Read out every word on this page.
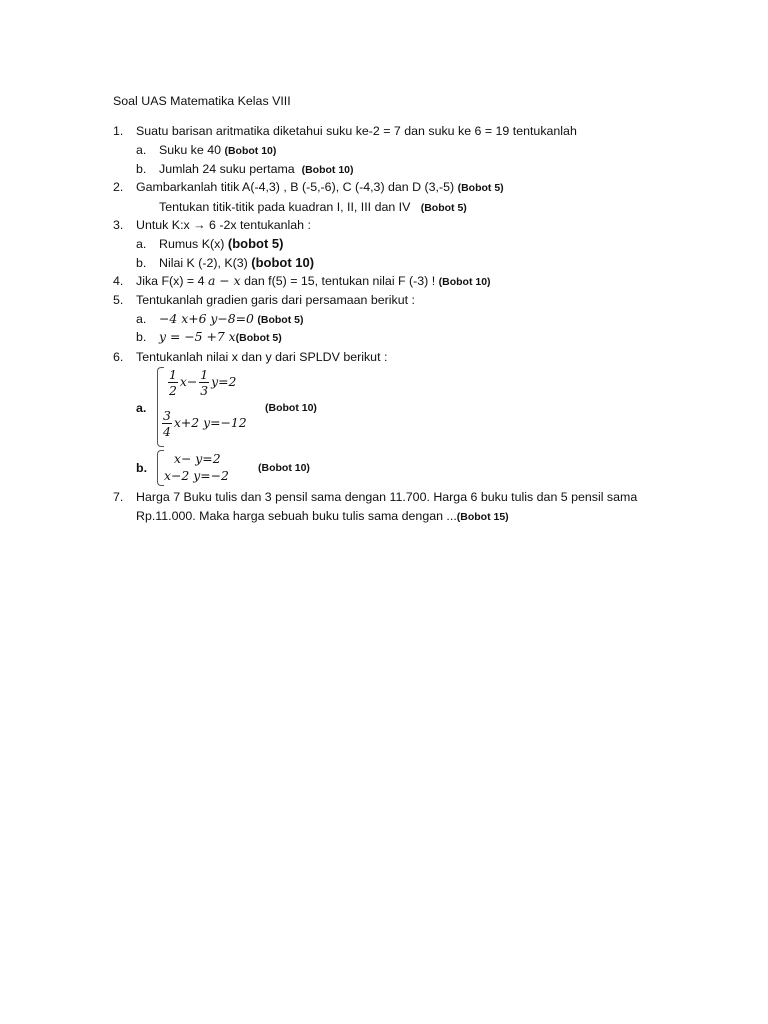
Soal UAS Matematika Kelas VIII
1. Suatu barisan aritmatika diketahui suku ke-2 = 7 dan suku ke 6 = 19 tentukanlah
a. Suku ke 40 (Bobot 10)
b. Jumlah 24 suku pertama (Bobot 10)
2. Gambarkanlah titik A(-4,3) , B (-5,-6), C (-4,3) dan D (3,-5) (Bobot 5)
Tentukan titik-titik pada kuadran I, II, III dan IV (Bobot 5)
3. Untuk K:x → 6 -2x tentukanlah :
a. Rumus K(x) (bobot 5)
b. Nilai K (-2), K(3) (bobot 10)
4. Jika F(x) = 4 a − x dan f(5) = 15, tentukan nilai F (-3) ! (Bobot 10)
5. Tentukanlah gradien garis dari persamaan berikut :
a. −4 x+6 y−8=0 (Bobot 5)
b. y = −5 +7 x(Bobot 5)
6. Tentukanlah nilai x dan y dari SPLDV berikut :
a.
$\frac{1}{2} x- \frac{1}{3} y=2$
$\frac{3}{4} x+2$ y=−12
(Bobot 10)
b.
x− y=2
x−2 y=−2	(Bobot 10)
7. Harga 7 Buku tulis dan 3 pensil sama dengan 11.700. Harga 6 buku tulis dan 5 pensil sama
Rp.11.000. Maka harga sebuah buku tulis sama dengan ...(Bobot 15)
